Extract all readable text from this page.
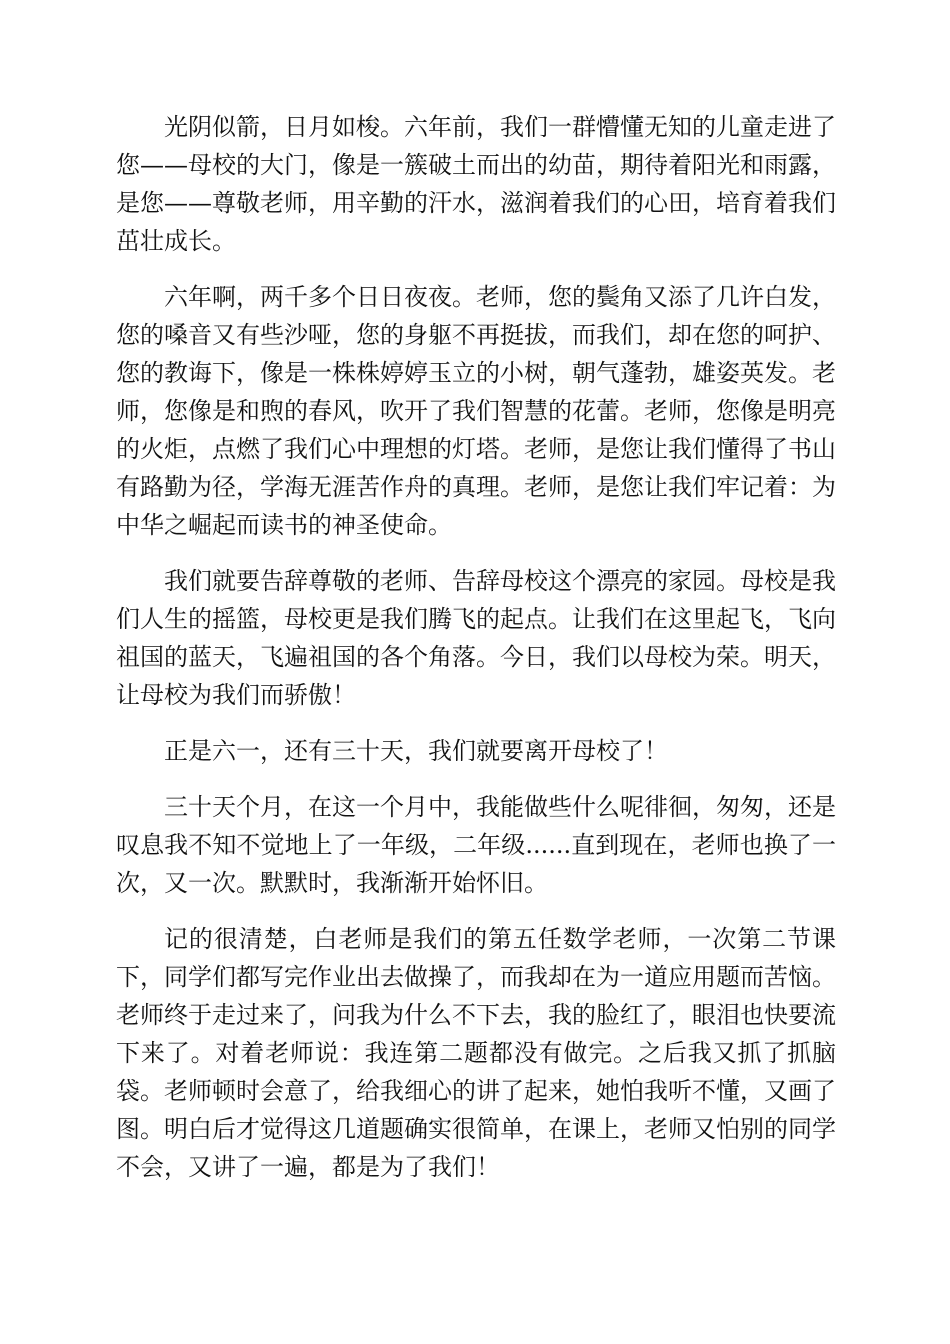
光阴似箭，日月如梭。六年前，我们一群懵懂无知的儿童走进了您——母校的大门，像是一簇破土而出的幼苗，期待着阳光和雨露，是您——尊敬老师，用辛勤的汗水，滋润着我们的心田，培育着我们茁壮成长。

六年啊，两千多个日日夜夜。老师，您的鬓角又添了几许白发，您的嗓音又有些沙哑，您的身躯不再挺拔，而我们，却在您的呵护、您的教诲下，像是一株株婷婷玉立的小树，朝气蓬勃，雄姿英发。老师，您像是和煦的春风，吹开了我们智慧的花蕾。老师，您像是明亮的火炬，点燃了我们心中理想的灯塔。老师，是您让我们懂得了书山有路勤为径，学海无涯苦作舟的真理。老师，是您让我们牢记着：为中华之崛起而读书的神圣使命。

我们就要告辞尊敬的老师、告辞母校这个漂亮的家园。母校是我们人生的摇篮，母校更是我们腾飞的起点。让我们在这里起飞，飞向祖国的蓝天，飞遍祖国的各个角落。今日，我们以母校为荣。明天，让母校为我们而骄傲！

正是六一，还有三十天，我们就要离开母校了！

三十天个月，在这一个月中，我能做些什么呢徘徊，匆匆，还是叹息我不知不觉地上了一年级，二年级......直到现在，老师也换了一次，又一次。默默时，我渐渐开始怀旧。

记的很清楚，白老师是我们的第五任数学老师，一次第二节课下，同学们都写完作业出去做操了，而我却在为一道应用题而苦恼。老师终于走过来了，问我为什么不下去，我的脸红了，眼泪也快要流下来了。对着老师说：我连第二题都没有做完。之后我又抓了抓脑袋。老师顿时会意了，给我细心的讲了起来，她怕我听不懂，又画了图。明白后才觉得这几道题确实很简单，在课上，老师又怕别的同学不会，又讲了一遍，都是为了我们！
